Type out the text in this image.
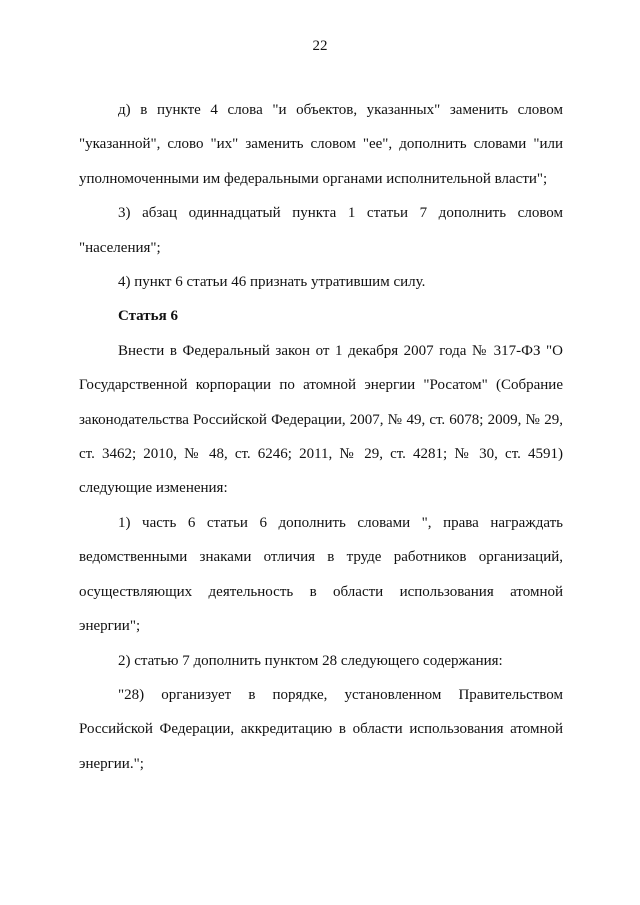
22

д) в пункте 4 слова "и объектов, указанных" заменить словом "указанной", слово "их" заменить словом "ее", дополнить словами "или уполномоченными им федеральными органами исполнительной власти";

3) абзац одиннадцатый пункта 1 статьи 7 дополнить словом "населения";

4) пункт 6 статьи 46 признать утратившим силу.

Статья 6

Внести в Федеральный закон от 1 декабря 2007 года № 317-ФЗ "О Государственной корпорации по атомной энергии "Росатом" (Собрание законодательства Российской Федерации, 2007, № 49, ст. 6078; 2009, № 29, ст. 3462; 2010, № 48, ст. 6246; 2011, № 29, ст. 4281; № 30, ст. 4591) следующие изменения:

1) часть 6 статьи 6 дополнить словами ", права награждать ведомственными знаками отличия в труде работников организаций, осуществляющих деятельность в области использования атомной энергии";

2) статью 7 дополнить пунктом 28 следующего содержания:

"28) организует в порядке, установленном Правительством Российской Федерации, аккредитацию в области использования атомной энергии.";
